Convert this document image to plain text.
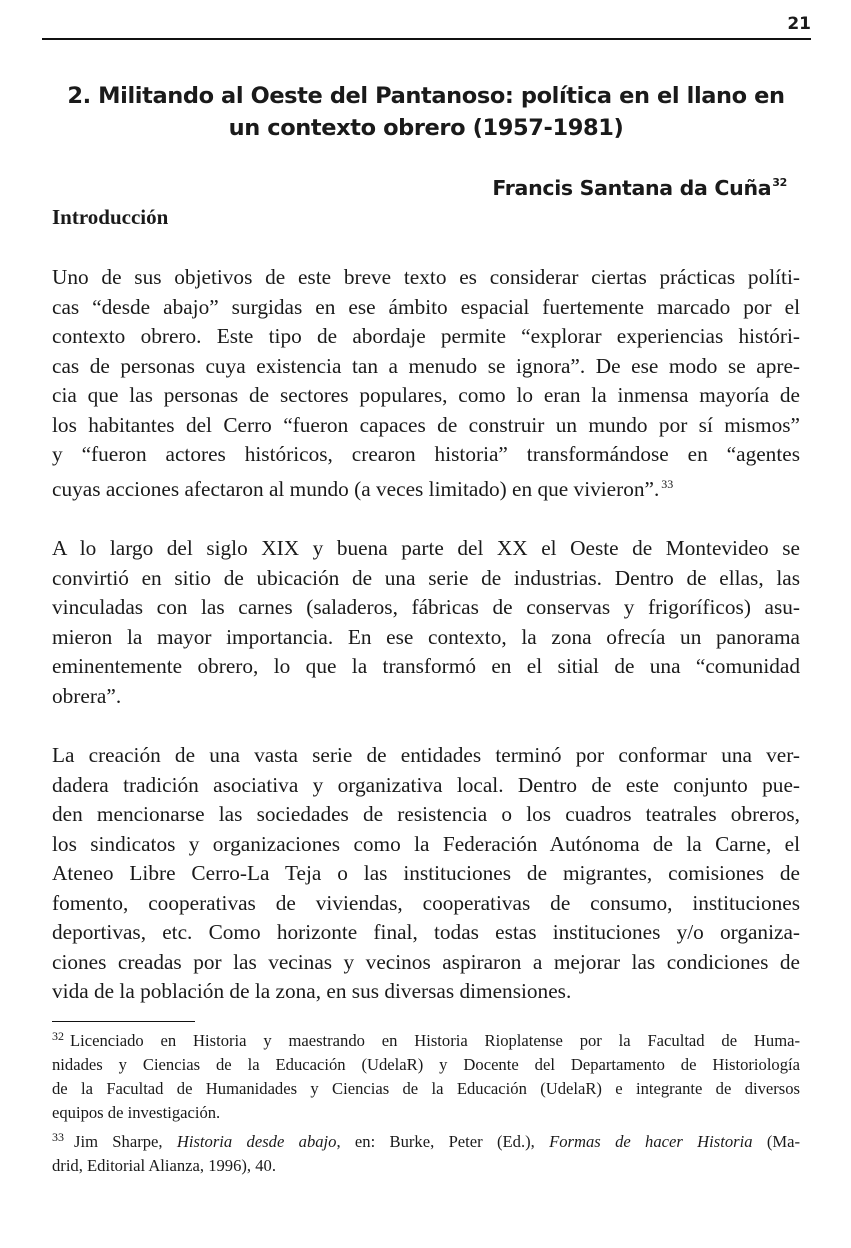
21
2. Militando al Oeste del Pantanoso: política en el llano en
un contexto obrero (1957-1981)
Francis Santana da Cuña$^{32}$
Introducción

Uno de sus objetivos de este breve texto es considerar ciertas prácticas políti-
cas “desde abajo” surgidas en ese ámbito espacial fuertemente marcado por el
contexto obrero. Este tipo de abordaje permite “explorar experiencias históri-
cas de personas cuya existencia tan a menudo se ignora”. De ese modo se apre-
cia que las personas de sectores populares, como lo eran la inmensa mayoría de
los habitantes del Cerro “fueron capaces de construir un mundo por sí mismos”
y “fueron actores históricos, crearon historia” transformándose en “agentes
cuyas acciones afectaron al mundo (a veces limitado) en que vivieron”. $^{33}$

A lo largo del siglo XIX y buena parte del XX el Oeste de Montevideo se
convirtió en sitio de ubicación de una serie de industrias. Dentro de ellas, las
vinculadas con las carnes (saladeros, fábricas de conservas y frigoríficos) asu-
mieron la mayor importancia. En ese contexto, la zona ofrecía un panorama
eminentemente obrero, lo que la transformó en el sitial de una “comunidad
obrera”.

La creación de una vasta serie de entidades terminó por conformar una ver-
dadera tradición asociativa y organizativa local. Dentro de este conjunto pue-
den mencionarse las sociedades de resistencia o los cuadros teatrales obreros,
los sindicatos y organizaciones como la Federación Autónoma de la Carne, el
Ateneo Libre Cerro-La Teja o las instituciones de migrantes, comisiones de
fomento, cooperativas de viviendas, cooperativas de consumo, instituciones
deportivas, etc. Como horizonte final, todas estas instituciones y/o organiza-
ciones creadas por las vecinas y vecinos aspiraron a mejorar las condiciones de
vida de la población de la zona, en sus diversas dimensiones.

$^{32}$ Licenciado en Historia y maestrando en Historia Rioplatense por la Facultad de Huma-
nidades y Ciencias de la Educación (UdelaR) y Docente del Departamento de Historiología
de la Facultad de Humanidades y Ciencias de la Educación (UdelaR) e integrante de diversos
equipos de investigación.

$^{33}$ Jim Sharpe, Historia desde abajo, en: Burke, Peter (Ed.), Formas de hacer Historia (Ma-
drid, Editorial Alianza, 1996), 40.
